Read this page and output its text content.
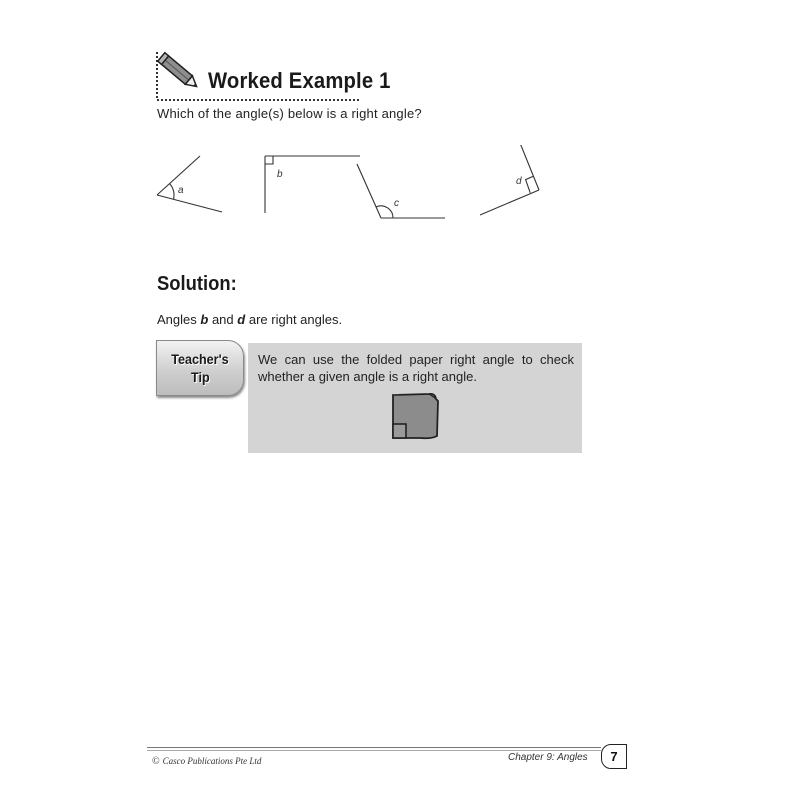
Worked Example 1
Which of the angle(s) below is a right angle?
a
b
c
d
Solution:
Angles b and d are right angles.
Teacher's
Tip
We can use the folded paper right angle to check whether a given angle is a right angle.
© Casco Publications Pte Ltd	Chapter 9: Angles	7
